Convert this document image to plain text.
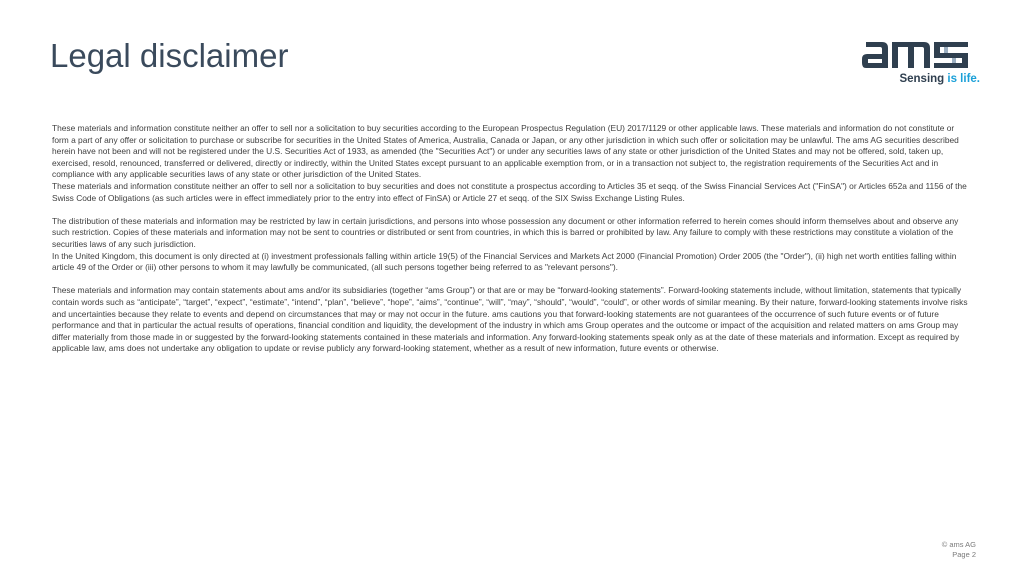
Legal disclaimer
Sensing is life.

These materials and information constitute neither an offer to sell nor a solicitation to buy securities according to the European Prospectus Regulation (EU) 2017/1129 or other applicable laws. These materials and information do not constitute or form a part of any offer or solicitation to purchase or subscribe for securities in the United States of America, Australia, Canada or Japan, or any other jurisdiction in which such offer or solicitation may be unlawful. The ams AG securities described herein have not been and will not be registered under the U.S. Securities Act of 1933, as amended (the "Securities Act") or under any securities laws of any state or other jurisdiction of the United States and may not be offered, sold, taken up, exercised, resold, renounced, transferred or delivered, directly or indirectly, within the United States except pursuant to an applicable exemption from, or in a transaction not subject to, the registration requirements of the Securities Act and in compliance with any applicable securities laws of any state or other jurisdiction of the United States.

These materials and information constitute neither an offer to sell nor a solicitation to buy securities and does not constitute a prospectus according to Articles 35 et seqq. of the Swiss Financial Services Act ("FinSA") or Articles 652a and 1156 of the Swiss Code of Obligations (as such articles were in effect immediately prior to the entry into effect of FinSA) or Article 27 et seqq. of the SIX Swiss Exchange Listing Rules.

The distribution of these materials and information may be restricted by law in certain jurisdictions, and persons into whose possession any document or other information referred to herein comes should inform themselves about and observe any such restriction. Copies of these materials and information may not be sent to countries or distributed or sent from countries, in which this is barred or prohibited by law. Any failure to comply with these restrictions may constitute a violation of the securities laws of any such jurisdiction.

In the United Kingdom, this document is only directed at (i) investment professionals falling within article 19(5) of the Financial Services and Markets Act 2000 (Financial Promotion) Order 2005 (the "Order"), (ii) high net worth entities falling within article 49 of the Order or (iii) other persons to whom it may lawfully be communicated, (all such persons together being referred to as "relevant persons").

These materials and information may contain statements about ams and/or its subsidiaries (together “ams Group”) or that are or may be “forward-looking statements”. Forward-looking statements include, without limitation, statements that typically contain words such as “anticipate”, “target”, “expect”, “estimate”, “intend”, “plan”, “believe”, “hope”, “aims”, “continue”, “will”, “may”, “should”, “would”, “could”, or other words of similar meaning. By their nature, forward-looking statements involve risks and uncertainties because they relate to events and depend on circumstances that may or may not occur in the future. ams cautions you that forward-looking statements are not guarantees of the occurrence of such future events or of future performance and that in particular the actual results of operations, financial condition and liquidity, the development of the industry in which ams Group operates and the outcome or impact of the acquisition and related matters on ams Group may differ materially from those made in or suggested by the forward-looking statements contained in these materials and information. Any forward-looking statements speak only as at the date of these materials and information. Except as required by applicable law, ams does not undertake any obligation to update or revise publicly any forward-looking statement, whether as a result of new information, future events or otherwise.

© ams AG
Page 2
